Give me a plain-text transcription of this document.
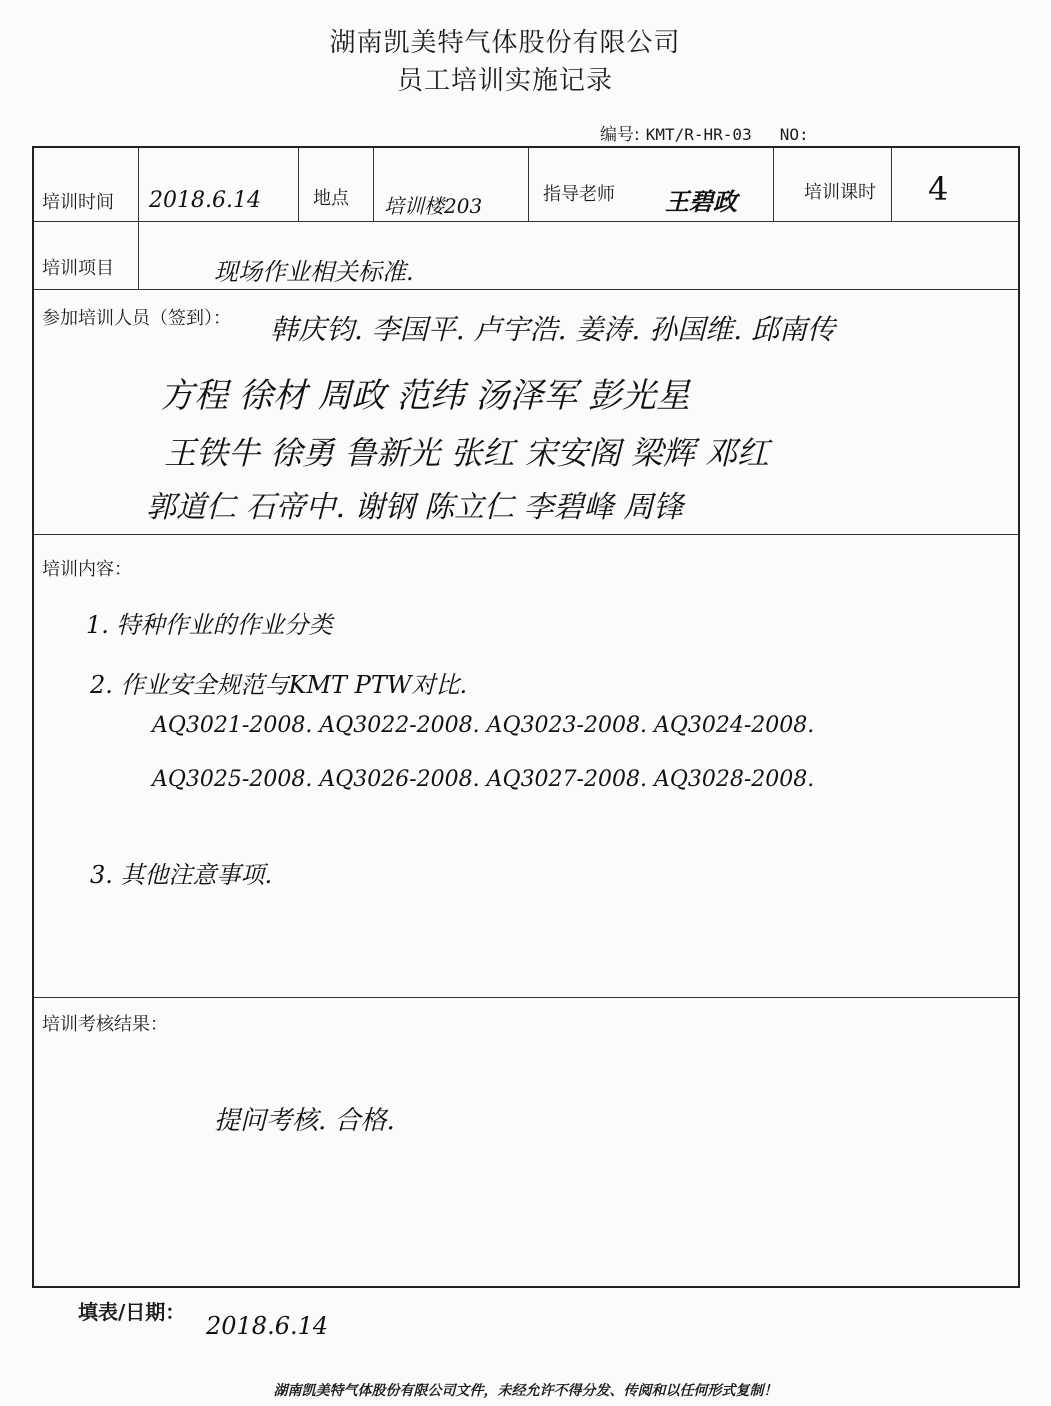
湖南凯美特气体股份有限公司
员工培训实施记录
编号: KMT/R-HR-03 NO:
培训时间 2018.6.14	地点 培训楼203	指导老师 王碧政	培训课时 4
培训项目	现场作业相关标准.
参加培训人员（签到）： 韩庆钧. 李国平. 卢宇浩. 姜涛. 孙国维. 邱南传
方程 徐材 周政 范纬 汤泽军 彭光星
王铁牛 徐勇 鲁新光 张红 宋安阁 梁辉 邓红
郭道仁 石帝中. 谢钢 陈立仁 李碧峰 周锋
培训内容：
1. 特种作业的作业分类
2. 作业安全规范与KMT PTW对比.
AQ3021-2008. AQ3022-2008. AQ3023-2008. AQ3024-2008.
AQ3025-2008. AQ3026-2008. AQ3027-2008. AQ3028-2008.
3. 其他注意事项.
培训考核结果：
提问考核. 合格.
填表/日期： 2018.6.14
湖南凯美特气体股份有限公司文件，未经允许不得分发、传阅和以任何形式复制！
